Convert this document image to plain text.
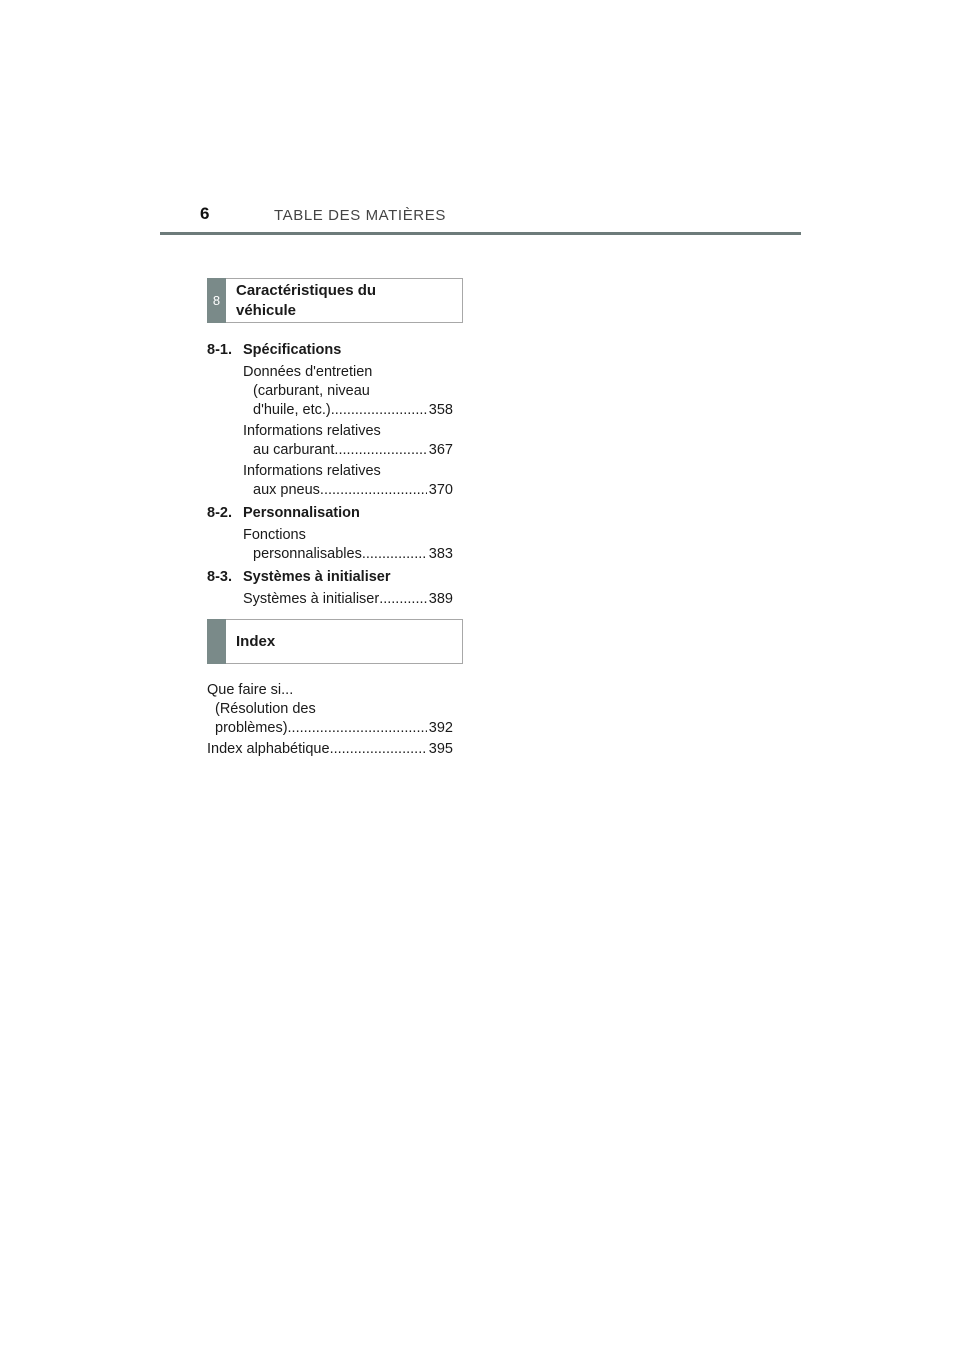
6	TABLE DES MATIÈRES
8
Caractéristiques du
véhicule
8-1. Spécifications
Données d'entretien
(carburant, niveau
d'huile, etc.) .....	358
Informations relatives
au carburant .....	367
Informations relatives
aux pneus .....	370
8-2. Personnalisation
Fonctions
personnalisables .....	383
8-3. Systèmes à initialiser
Systèmes à initialiser .....	389
Index
Que faire si...
(Résolution des
problèmes) .....	392
Index alphabétique .....	395
